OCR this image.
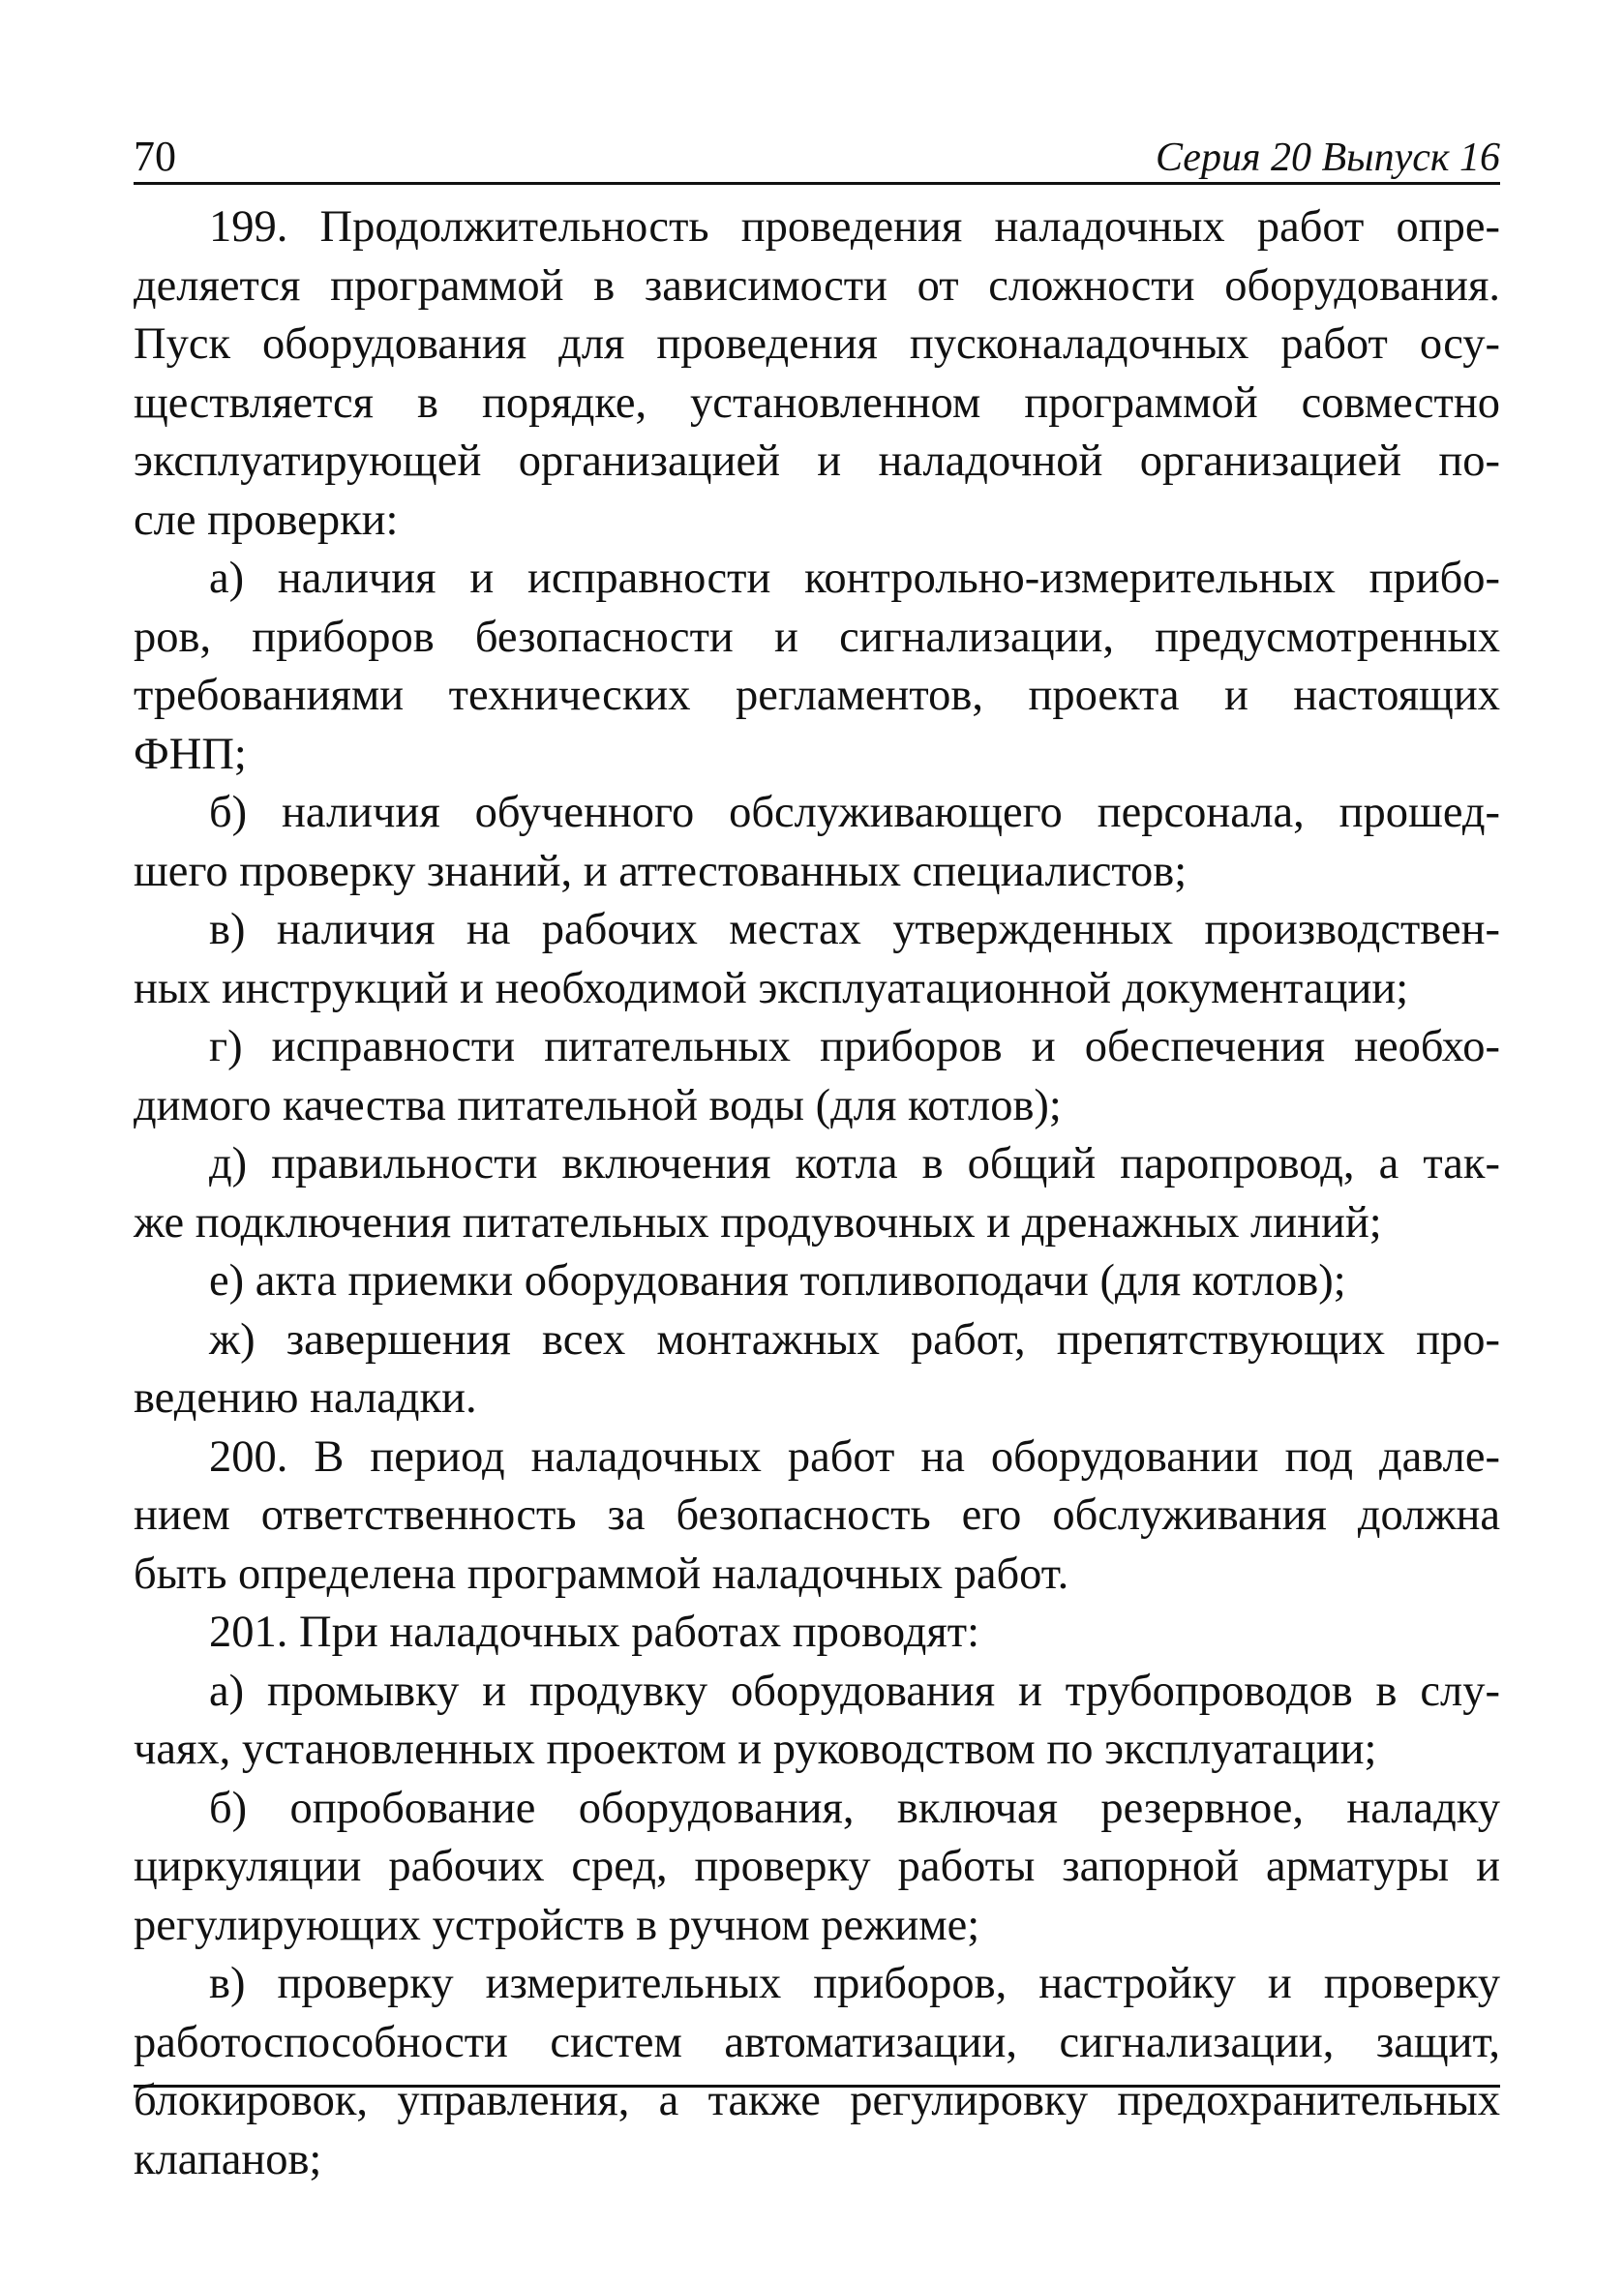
70	Серия 20 Выпуск 16

199. Продолжительность проведения наладочных работ опре-
деляется программой в зависимости от сложности оборудования.
Пуск оборудования для проведения пусконаладочных работ осу-
ществляется в порядке, установленном программой совместно
эксплуатирующей организацией и наладочной организацией по-
сле проверки:

а) наличия и исправности контрольно-измерительных прибо-
ров, приборов безопасности и сигнализации, предусмотренных
требованиями технических регламентов, проекта и настоящих
ФНП;

б) наличия обученного обслуживающего персонала, прошед-
шего проверку знаний, и аттестованных специалистов;

в) наличия на рабочих местах утвержденных производствен-
ных инструкций и необходимой эксплуатационной документации;

г) исправности питательных приборов и обеспечения необхо-
димого качества питательной воды (для котлов);

д) правильности включения котла в общий паропровод, а так-
же подключения питательных продувочных и дренажных линий;

е) акта приемки оборудования топливоподачи (для котлов);

ж) завершения всех монтажных работ, препятствующих про-
ведению наладки.

200. В период наладочных работ на оборудовании под давле-
нием ответственность за безопасность его обслуживания должна
быть определена программой наладочных работ.

201. При наладочных работах проводят:

а) промывку и продувку оборудования и трубопроводов в слу-
чаях, установленных проектом и руководством по эксплуатации;

б) опробование оборудования, включая резервное, наладку
циркуляции рабочих сред, проверку работы запорной арматуры и
регулирующих устройств в ручном режиме;

в) проверку измерительных приборов, настройку и проверку
работоспособности систем автоматизации, сигнализации, защит,
блокировок, управления, а также регулировку предохранительных
клапанов;
